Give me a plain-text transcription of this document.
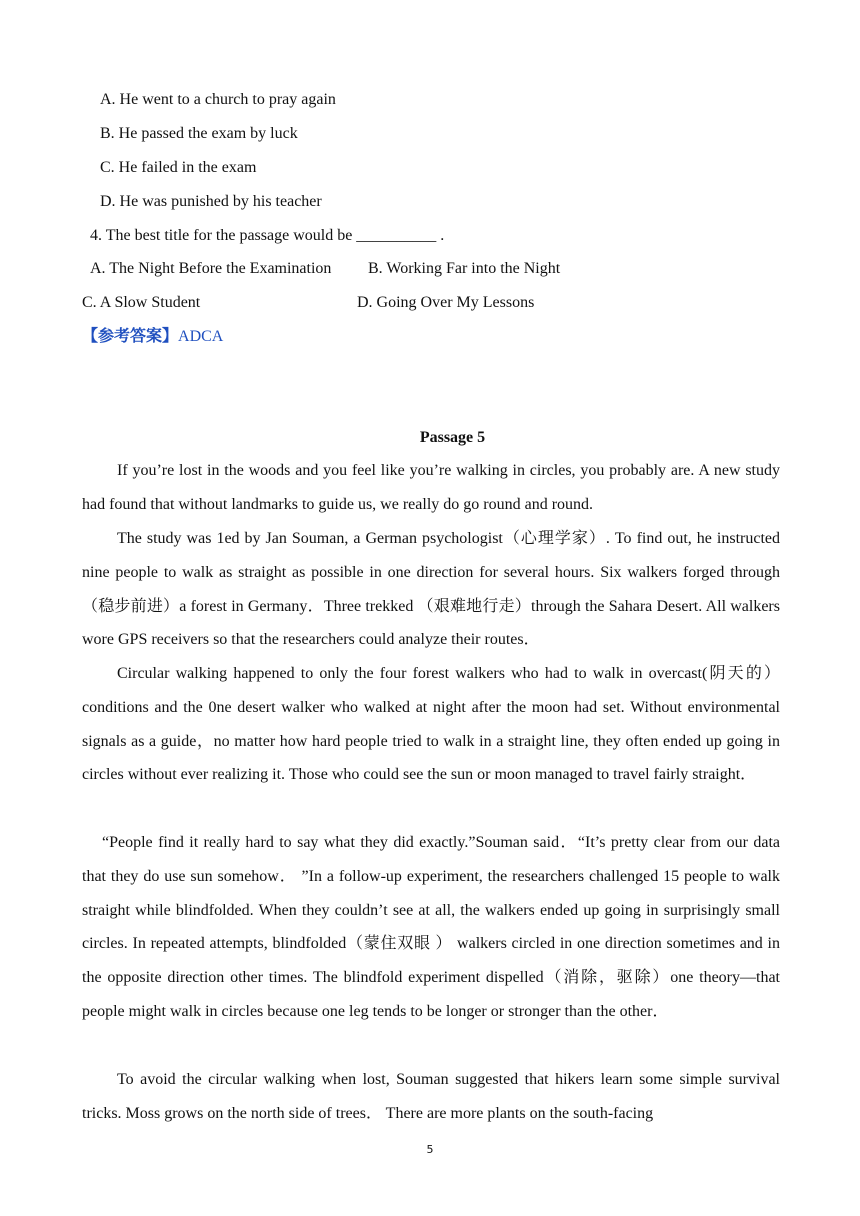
A. He went to a church to pray again
B. He passed the exam by luck
C. He failed in the exam
D. He was punished by his teacher
4. The best title for the passage would be __________ .
A. The Night Before the Examination B. Working Far into the Night
C. A Slow Student	D. Going Over My Lessons
【参考答案】ADCA
Passage 5
If you’re lost in the woods and you feel like you’re walking in circles, you probably are. A new study had found that without landmarks to guide us, we really do go round and round.
The study was 1ed by Jan Souman, a German psychologist（心理学家）. To find out, he instructed nine people to walk as straight as possible in one direction for several hours. Six walkers forged through（稳步前进）a forest in Germany．Three trekked （艰难地行走）through the Sahara Desert. All walkers wore GPS receivers so that the researchers could analyze their routes．
Circular walking happened to only the four forest walkers who had to walk in overcast(阴天的）conditions and the 0ne desert walker who walked at night after the moon had set. Without environmental signals as a guide，no matter how hard people tried to walk in a straight line, they often ended up going in circles without ever realizing it. Those who could see the sun or moon managed to travel fairly straight．
“People find it really hard to say what they did exactly.”Souman said．“It’s pretty clear from our data that they do use sun somehow． ”In a follow-up experiment, the researchers challenged 15 people to walk straight while blindfolded. When they couldn’t see at all, the walkers ended up going in surprisingly small circles. In repeated attempts, blindfolded（蒙住双眼 ） walkers circled in one direction sometimes and in the opposite direction other times. The blindfold experiment dispelled（消除，驱除）one theory—that people might walk in circles because one leg tends to be longer or stronger than the other．
To avoid the circular walking when lost, Souman suggested that hikers learn some simple survival tricks. Moss grows on the north side of trees． There are more plants on the south-facing
5
